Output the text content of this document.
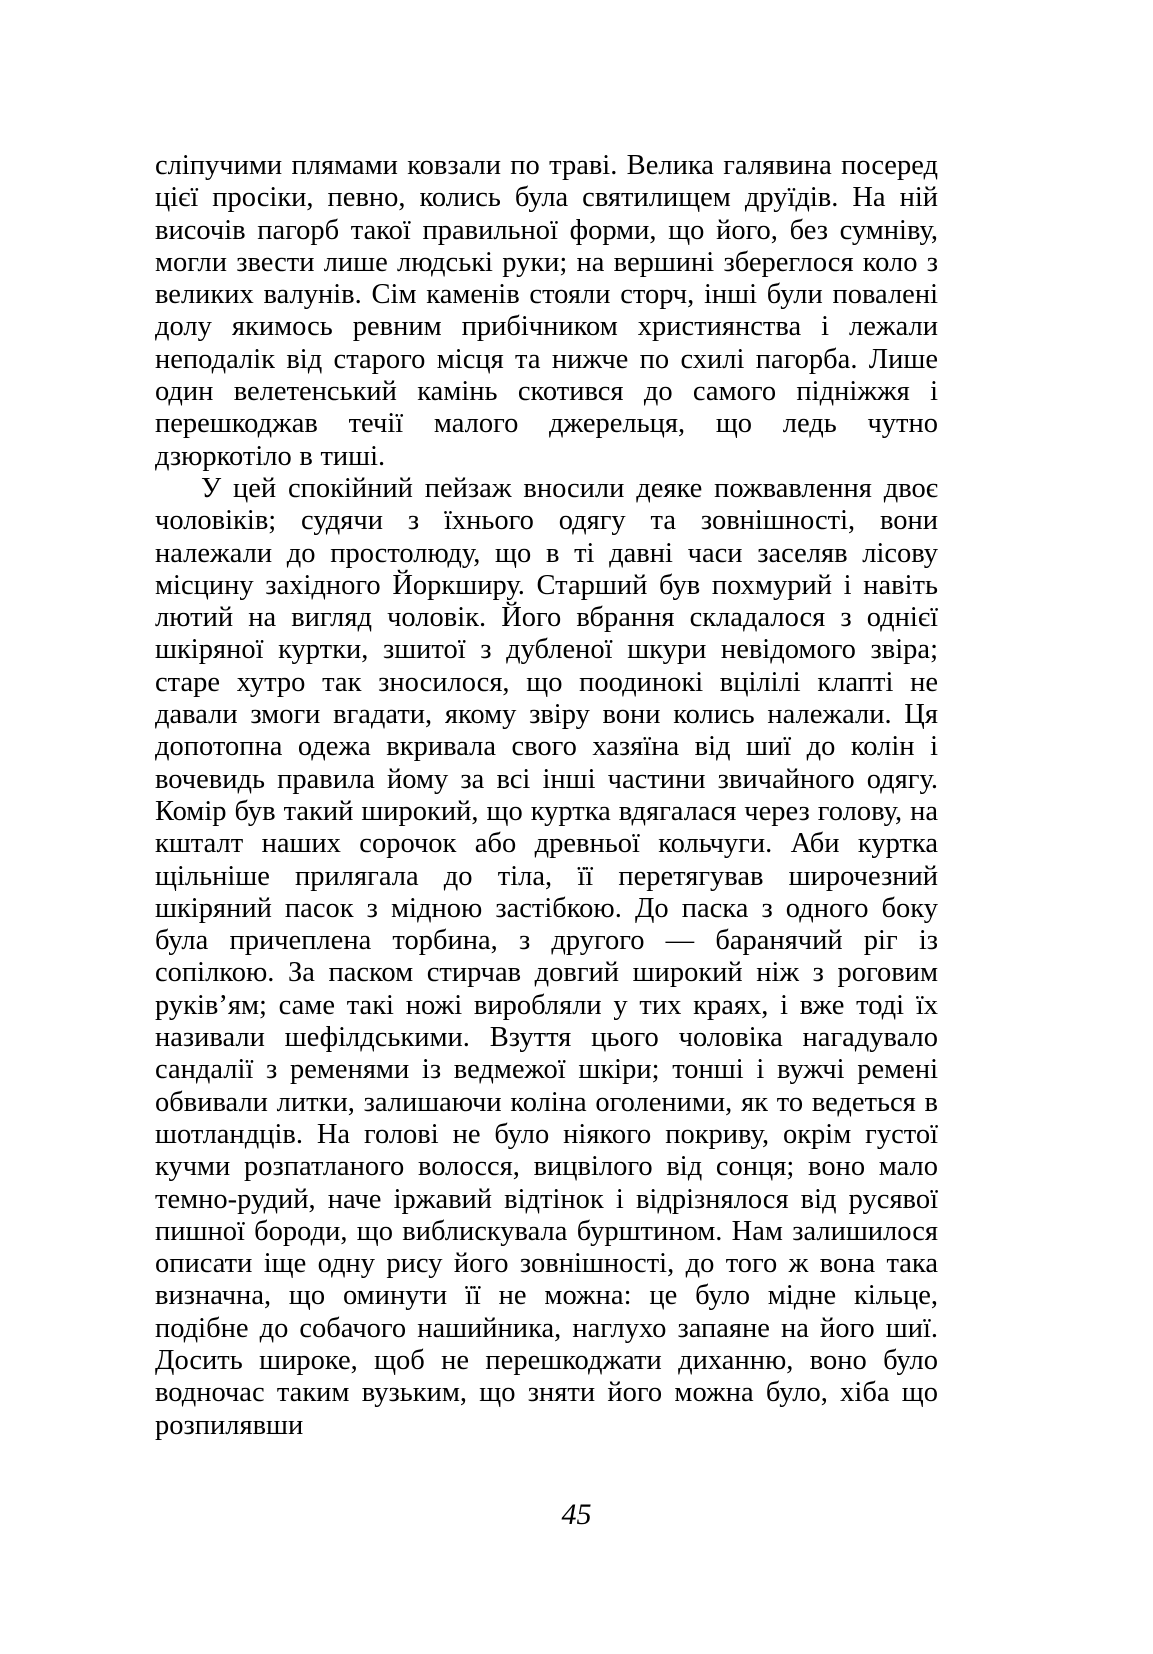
сліпучими плямами ковзали по траві. Велика галявина посеред цієї просіки, певно, колись була святилищем друїдів. На ній височів пагорб такої правильної форми, що його, без сумніву, могли звести лише людські руки; на вершині збереглося коло з великих валунів. Сім каменів стояли сторч, інші були повалені долу якимось ревним прибічником християнства і лежали неподалік від старого місця та нижче по схилі пагорба. Лише один велетенський камінь скотився до самого підніжжя і перешкоджав течії малого джерельця, що ледь чутно дзюркотіло в тиші.

У цей спокійний пейзаж вносили деяке пожвавлення двоє чоловіків; судячи з їхнього одягу та зовнішності, вони належали до простолюду, що в ті давні часи заселяв лісову місцину західного Йоркширу. Старший був похмурий і навіть лютий на вигляд чоловік. Його вбрання складалося з однієї шкіряної куртки, зшитої з дубленої шкури невідомого звіра; старе хутро так зносилося, що поодинокі вцілілі клапті не давали змоги вгадати, якому звіру вони колись належали. Ця допотопна одежа вкривала свого хазяїна від шиї до колін і вочевидь правила йому за всі інші частини звичайного одягу. Комір був такий широкий, що куртка вдягалася через голову, на кшталт наших сорочок або древньої кольчуги. Аби куртка щільніше прилягала до тіла, її перетягував широчезний шкіряний пасок з мідною застібкою. До паска з одного боку була причеплена торбина, з другого — баранячий ріг із сопілкою. За паском стирчав довгий широкий ніж з роговим руків’ям; саме такі ножі виробляли у тих краях, і вже тоді їх називали шефілдськими. Взуття цього чоловіка нагадувало сандалії з ременями із ведмежої шкіри; тонші і вужчі ремені обвивали литки, залишаючи коліна оголеними, як то ведеться в шотландців. На голові не було ніякого покриву, окрім густої кучми розпатланого волосся, вицвілого від сонця; воно мало темно-рудий, наче іржавий відтінок і відрізнялося від русявої пишної бороди, що виблискувала бурштином. Нам залишилося описати іще одну рису його зовнішності, до того ж вона така визначна, що оминути її не можна: це було мідне кільце, подібне до собачого нашийника, наглухо запаяне на його шиї. Досить широке, щоб не перешкоджати диханню, воно було водночас таким вузьким, що зняти його можна було, хіба що розпилявши

45
